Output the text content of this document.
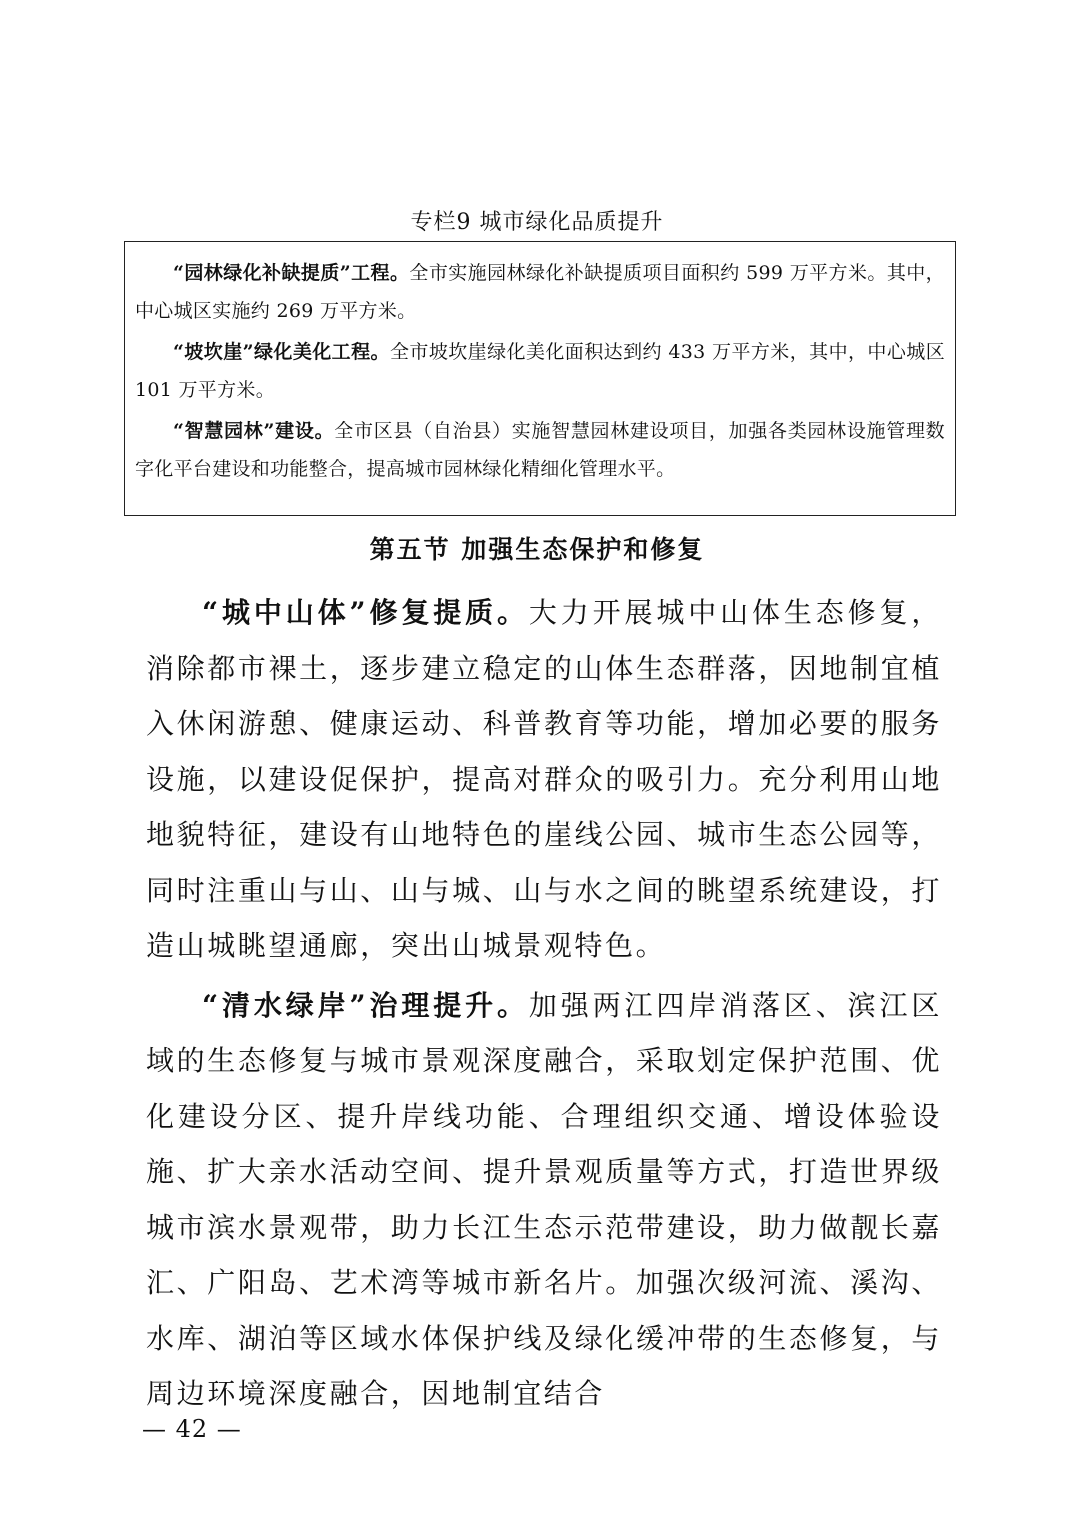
专栏9 城市绿化品质提升

“园林绿化补缺提质”工程。全市实施园林绿化补缺提质项目面积约 599 万平方米。其中，中心城区实施约 269 万平方米。

“坡坎崖”绿化美化工程。全市坡坎崖绿化美化面积达到约 433 万平方米，其中，中心城区 101 万平方米。

“智慧园林”建设。全市区县（自治县）实施智慧园林建设项目，加强各类园林设施管理数字化平台建设和功能整合，提高城市园林绿化精细化管理水平。

第五节 加强生态保护和修复

“城中山体”修复提质。大力开展城中山体生态修复，消除都市裸土，逐步建立稳定的山体生态群落，因地制宜植入休闲游憩、健康运动、科普教育等功能，增加必要的服务设施，以建设促保护，提高对群众的吸引力。充分利用山地地貌特征，建设有山地特色的崖线公园、城市生态公园等，同时注重山与山、山与城、山与水之间的眺望系统建设，打造山城眺望通廊，突出山城景观特色。

“清水绿岸”治理提升。加强两江四岸消落区、滨江区域的生态修复与城市景观深度融合，采取划定保护范围、优化建设分区、提升岸线功能、合理组织交通、增设体验设施、扩大亲水活动空间、提升景观质量等方式，打造世界级城市滨水景观带，助力长江生态示范带建设，助力做靓长嘉汇、广阳岛、艺术湾等城市新名片。加强次级河流、溪沟、水库、湖泊等区域水体保护线及绿化缓冲带的生态修复，与周边环境深度融合，因地制宜结合

— 42 —
